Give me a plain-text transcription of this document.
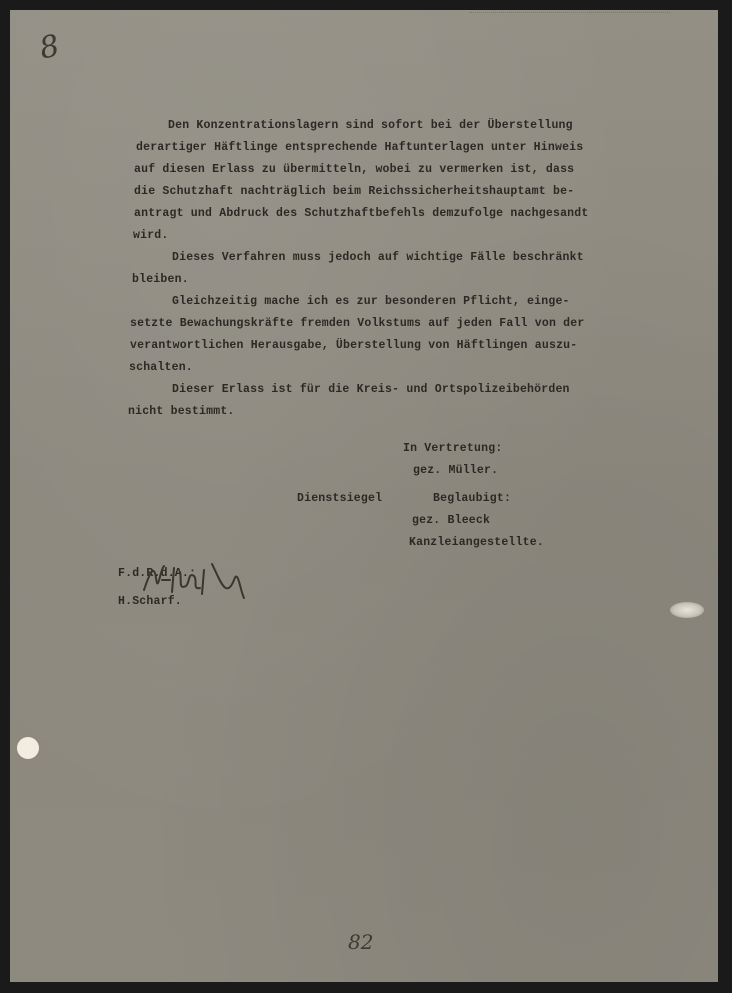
8
Den Konzentrationslagern sind sofort bei der Überstellung
derartiger Häftlinge entsprechende Haftunterlagen unter Hinweis
auf diesen Erlass zu übermitteln, wobei zu vermerken ist, dass
die Schutzhaft nachträglich beim Reichssicherheitshauptamt be-
antragt und Abdruck des Schutzhaftbefehls demzufolge nachgesandt
wird.
Dieses Verfahren muss jedoch auf wichtige Fälle beschränkt
bleiben.
Gleichzeitig mache ich es zur besonderen Pflicht, einge-
setzte Bewachungskräfte fremden Volkstums auf jeden Fall von der
verantwortlichen Herausgabe, Überstellung von Häftlingen auszu-
schalten.
Dieser Erlass ist für die Kreis- und Ortspolizeibehörden
nicht bestimmt.
In Vertretung:
gez. Müller.
Dienstsiegel	Beglaubigt:
gez. Bleeck
Kanzleiangestellte.
F.d.R.d.A.:
H.Scharf.
82
